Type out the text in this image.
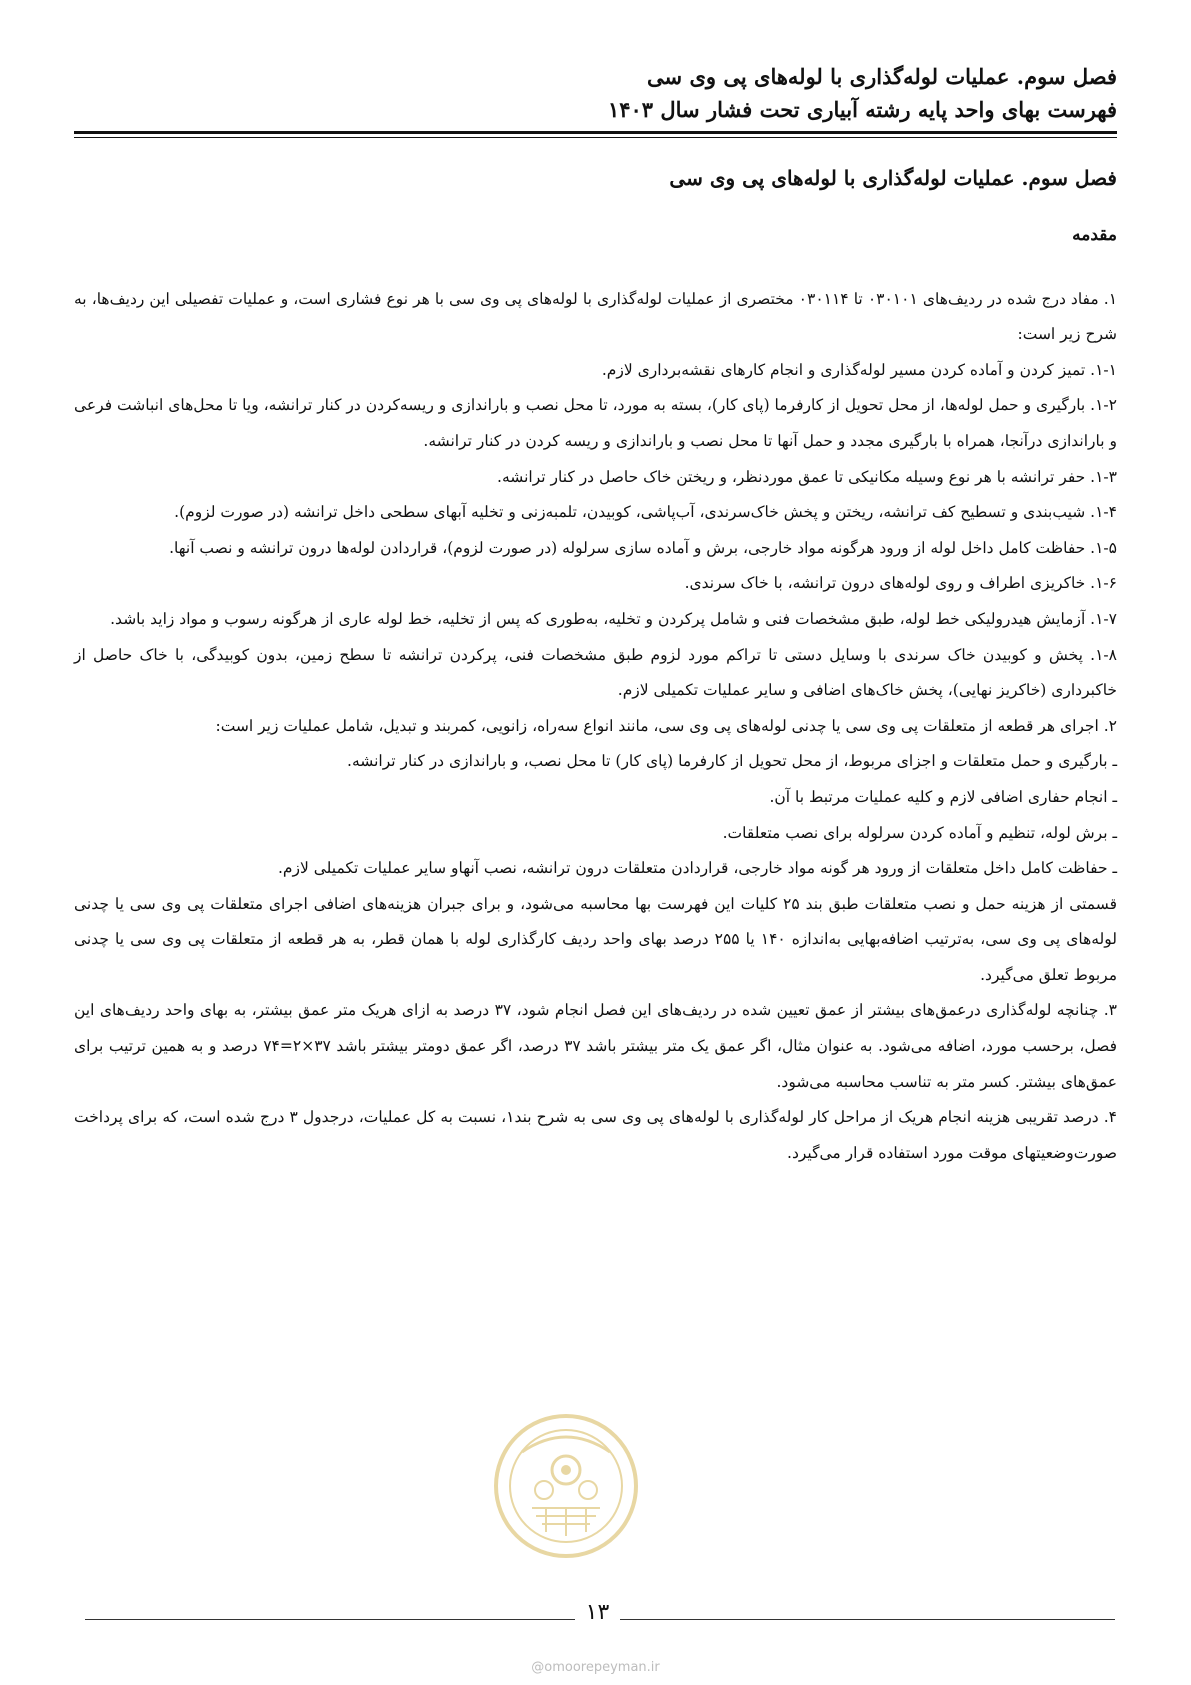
فصل سوم. عملیات لوله‌گذاری با لوله‌های پی وی سی
فهرست بهای واحد پایه رشته آبیاری تحت فشار سال ۱۴۰۳

فصل سوم. عملیات لوله‌گذاری با لوله‌های پی وی سی

مقدمه

۱. مفاد درج شده در ردیف‌های ۰۳۰۱۰۱ تا ۰۳۰۱۱۴ مختصری از عملیات لوله‌گذاری با لوله‌های پی وی سی با هر نوع فشاری است، و عملیات تفصیلی این ردیف‌ها، به شرح زیر است:

۱-۱. تمیز کردن و آماده کردن مسیر لوله‌گذاری و انجام کارهای نقشه‌برداری لازم.

۱-۲. بارگیری و حمل لوله‌ها، از محل تحویل از کارفرما (پای کار)، بسته به مورد، تا محل نصب و باراندازی و ریسه‌کردن در کنار ترانشه، ویا تا محل‌های انباشت فرعی و باراندازی درآنجا، همراه با بارگیری مجدد و حمل آنها تا محل نصب و باراندازی و ریسه کردن در کنار ترانشه.

۱-۳. حفر ترانشه با هر نوع وسیله مکانیکی تا عمق موردنظر، و ریختن خاک حاصل در کنار ترانشه.

۱-۴. شیب‌بندی و تسطیح کف ترانشه، ریختن و پخش خاک‌سرندی، آب‌پاشی، کوبیدن، تلمبه‌زنی و تخلیه آبهای سطحی داخل ترانشه (در صورت لزوم).

۱-۵. حفاظت کامل داخل لوله از ورود هرگونه مواد خارجی، برش و آماده سازی سرلوله (در صورت لزوم)، قراردادن لوله‌ها درون ترانشه و نصب آنها.

۱-۶. خاکریزی اطراف و روی لوله‌های درون ترانشه، با خاک سرندی.

۱-۷. آزمایش هیدرولیکی خط لوله، طبق مشخصات فنی و شامل پرکردن و تخلیه، به‌طوری که پس از تخلیه، خط لوله عاری از هرگونه رسوب و مواد زاید باشد.

۱-۸. پخش و کوبیدن خاک سرندی با وسایل دستی تا تراکم مورد لزوم طبق مشخصات فنی، پرکردن ترانشه تا سطح زمین، بدون کوبیدگی، با خاک حاصل از خاکبرداری (خاکریز نهایی)، پخش خاک‌های اضافی و سایر عملیات تکمیلی لازم.

۲. اجرای هر قطعه از متعلقات پی وی سی یا چدنی لوله‌های پی وی سی، مانند انواع سه‌راه، زانویی، کمربند و تبدیل، شامل عملیات زیر است:

ـ بارگیری و حمل متعلقات و اجزای مربوط، از محل تحویل از کارفرما (پای کار) تا محل نصب، و باراندازی در کنار ترانشه.

ـ انجام حفاری اضافی لازم و کلیه عملیات مرتبط با آن.

ـ برش لوله، تنظیم و آماده کردن سرلوله برای نصب متعلقات.

ـ حفاظت کامل داخل متعلقات از ورود هر گونه مواد خارجی، قراردادن متعلقات درون ترانشه، نصب آنهاو سایر عملیات تکمیلی لازم.

قسمتی از هزینه حمل و نصب متعلقات طبق بند ۲۵ کلیات این فهرست بها محاسبه می‌شود، و برای جبران هزینه‌های اضافی اجرای متعلقات پی وی سی یا چدنی لوله‌های پی وی سی، به‌ترتیب اضافه‌بهایی به‌اندازه ۱۴۰ یا ۲۵۵ درصد بهای واحد ردیف کارگذاری لوله با همان قطر، به هر قطعه از متعلقات پی وی سی یا چدنی مربوط تعلق می‌گیرد.

۳. چنانچه لوله‌گذاری درعمق‌های بیشتر از عمق تعیین شده در ردیف‌های این فصل انجام شود، ۳۷ درصد به ازای هریک متر عمق بیشتر، به بهای واحد ردیف‌های این فصل، برحسب مورد، اضافه می‌شود. به عنوان مثال، اگر عمق یک متر بیشتر باشد ۳۷ درصد، اگر عمق دومتر بیشتر باشد ۳۷×۲=۷۴ درصد و به همین ترتیب برای عمق‌های بیشتر. کسر متر به تناسب محاسبه می‌شود.

۴. درصد تقریبی هزینه انجام هریک از مراحل کار لوله‌گذاری با لوله‌های پی وی سی به شرح بند۱، نسبت به کل عملیات، درجدول ۳ درج شده است، که برای پرداخت صورت‌وضعیتهای موقت مورد استفاده قرار می‌گیرد.

۱۳
@omoorepeyman.ir
